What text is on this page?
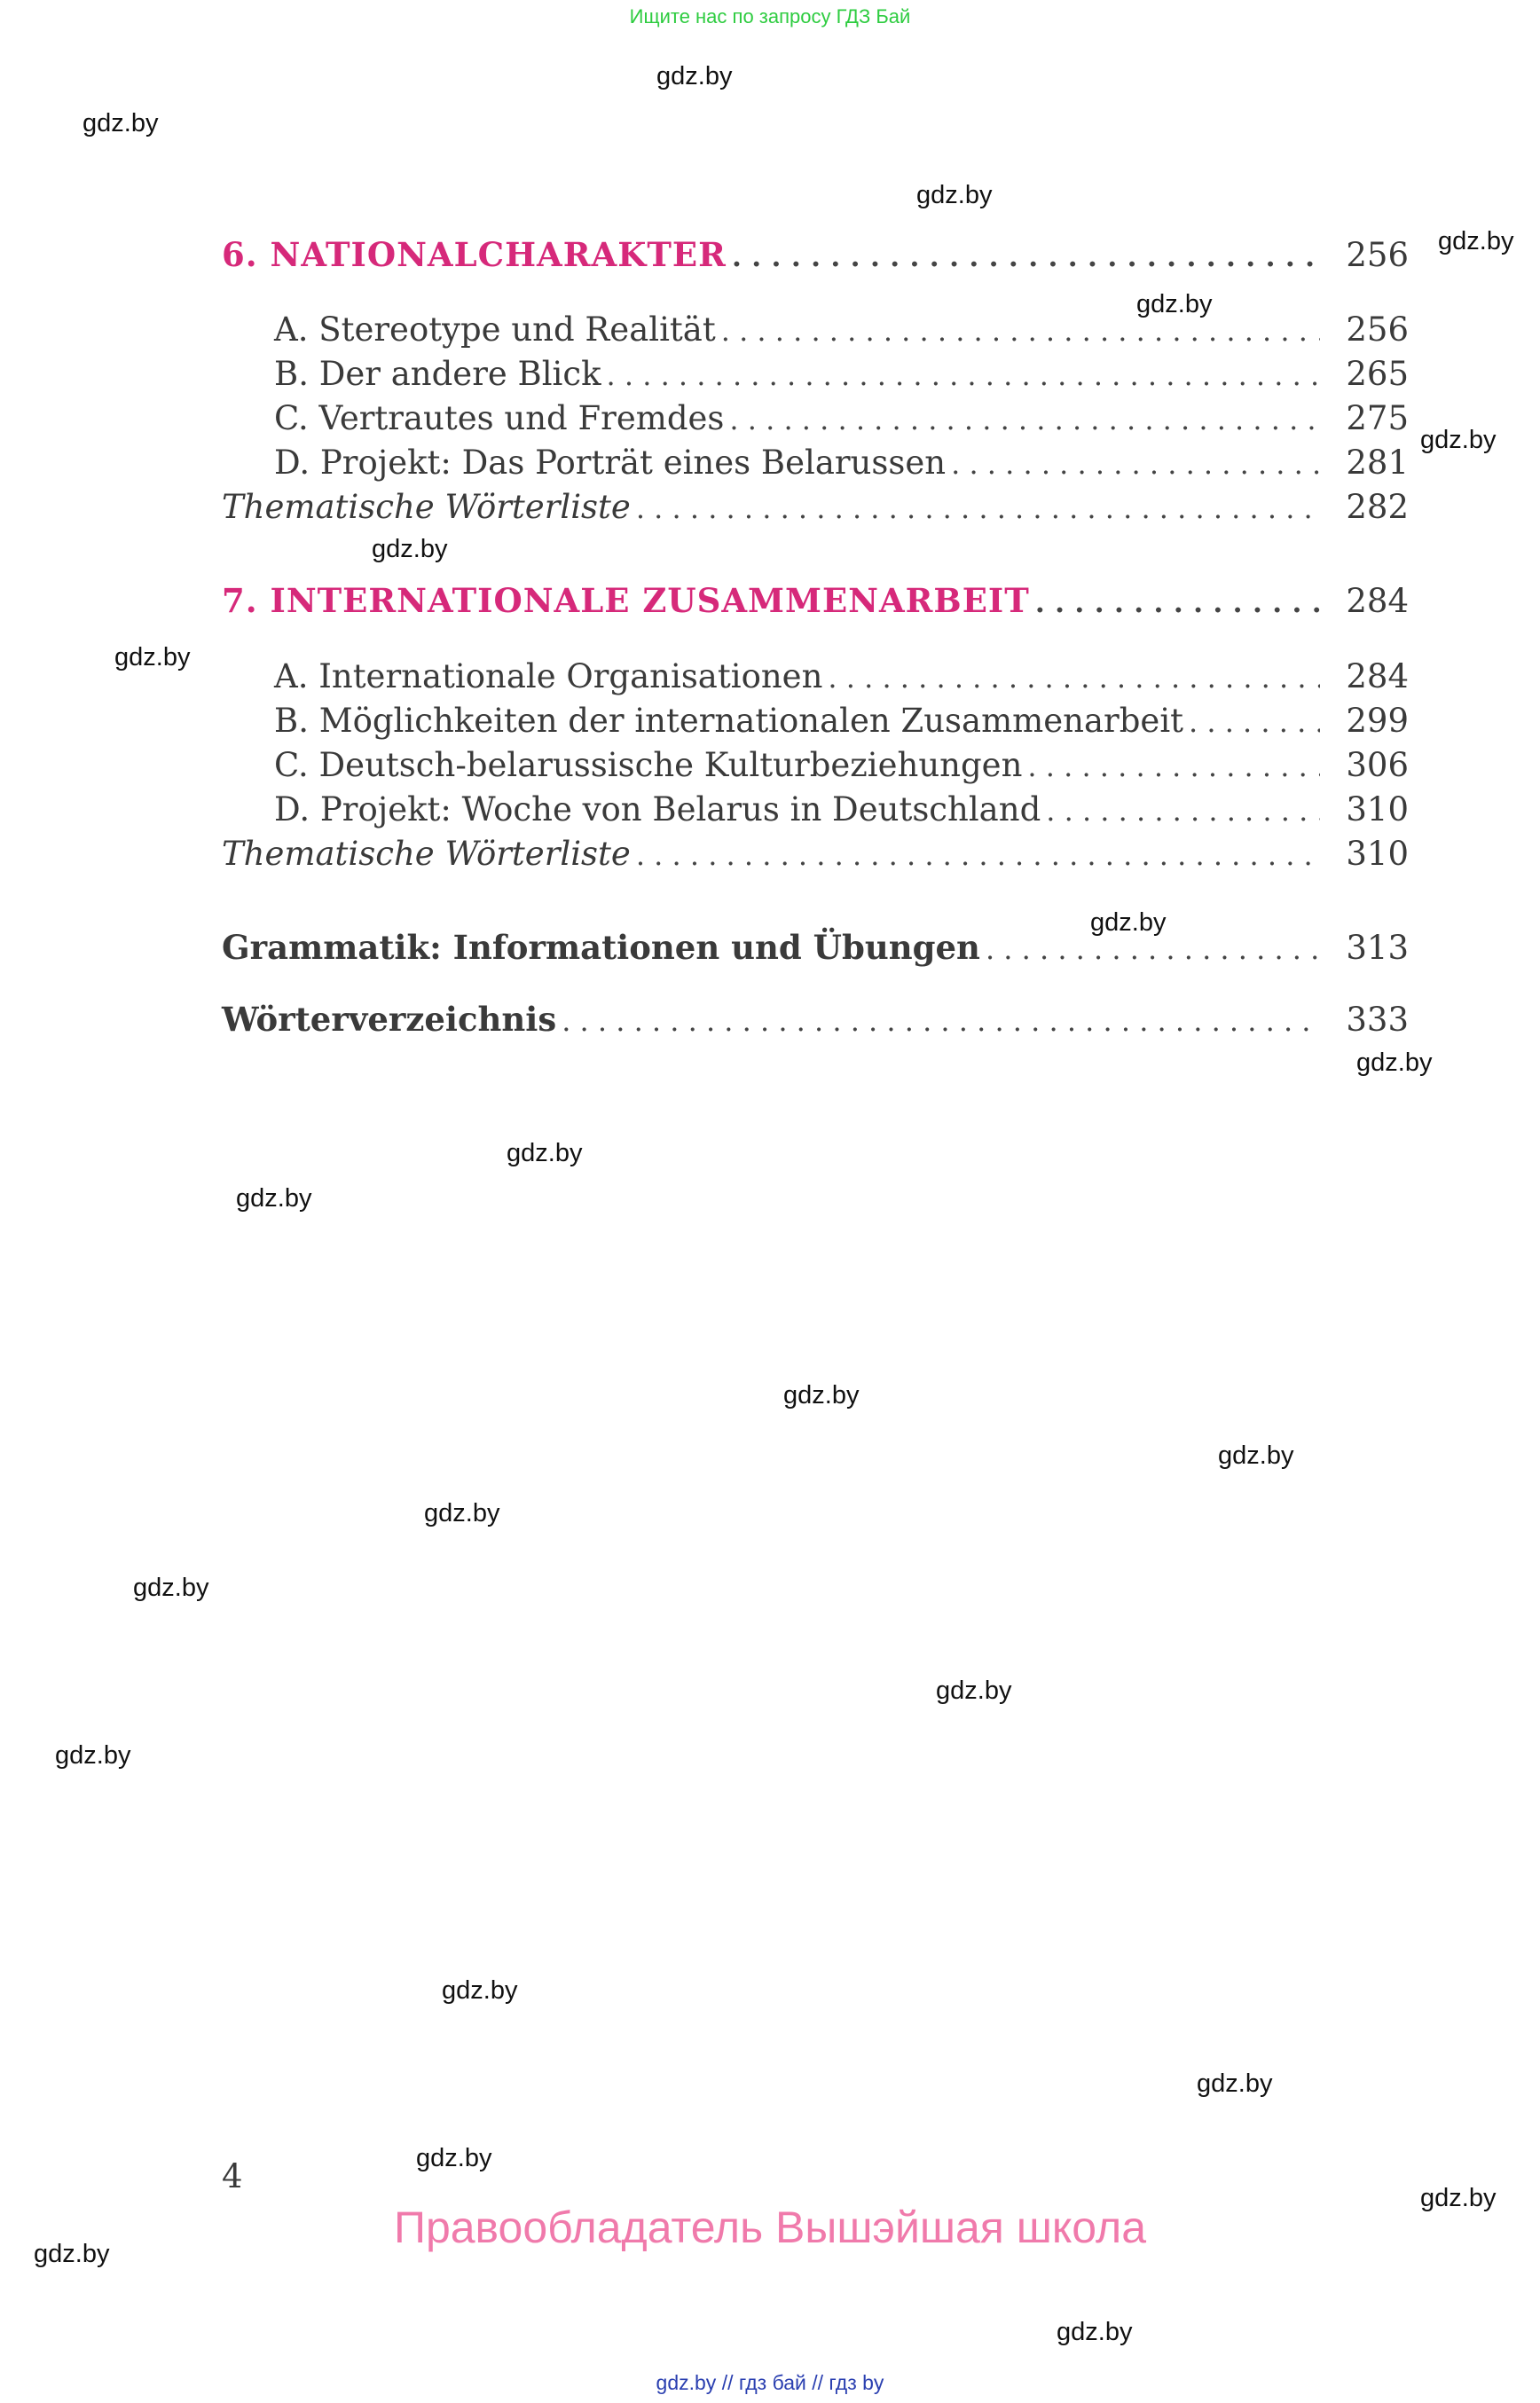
Ищите нас по запросу ГДЗ Бай
6. NATIONALCHARAKTER . . .	256
A. Stereotype und Realität . . .	256
B. Der andere Blick . . .	265
C. Vertrautes und Fremdes . . .	275
D. Projekt: Das Porträt eines Belarussen . . .	281
Thematische Wörterliste . . .	282
7. INTERNATIONALE ZUSAMMENARBEIT . . .	284
A. Internationale Organisationen . . .	284
B. Möglichkeiten der internationalen Zusammenarbeit . . .	299
C. Deutsch-belarussische Kulturbeziehungen . . .	306
D. Projekt: Woche von Belarus in Deutschland . . .	310
Thematische Wörterliste . . .	310
Grammatik: Informationen und Übungen . . .	313
Wörterverzeichnis . . .	333
4
Правообладатель Вышэйшая школа
gdz.by // гдз бай // гдз by
gdz.by
gdz.by
gdz.by
gdz.by
gdz.by
gdz.by
gdz.by
gdz.by
gdz.by
gdz.by
gdz.by
gdz.by
gdz.by
gdz.by
gdz.by
gdz.by
gdz.by
gdz.by
gdz.by
gdz.by
gdz.by
gdz.by
gdz.by
gdz.by
